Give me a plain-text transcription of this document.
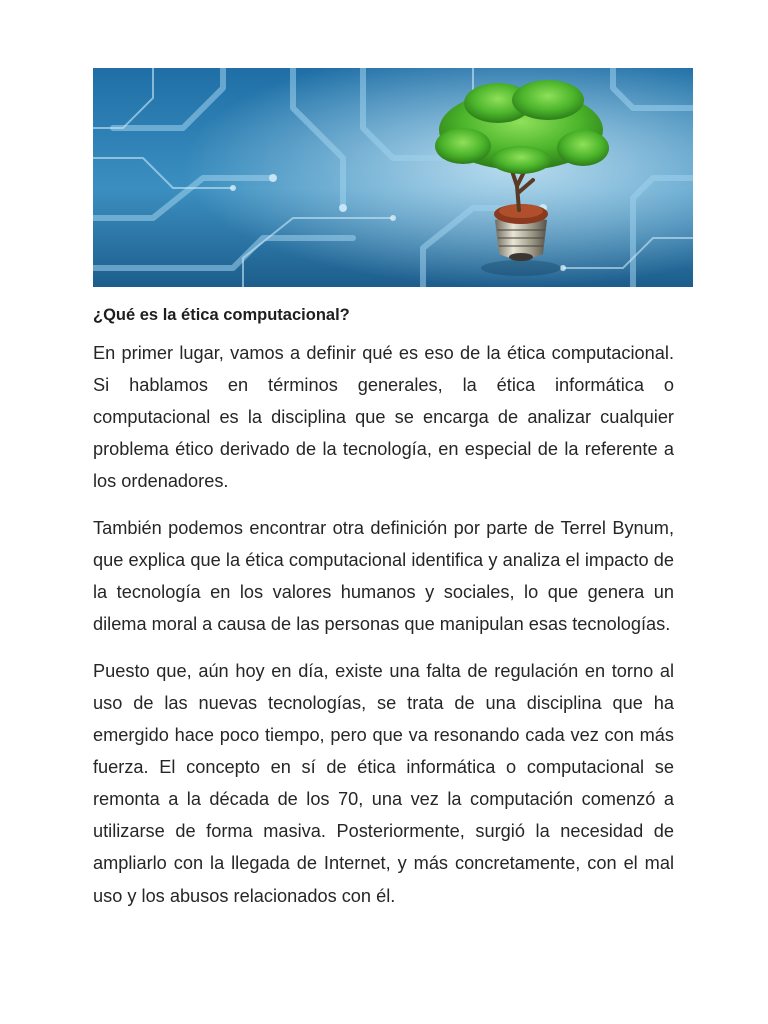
¿Qué es la ética computacional?

En primer lugar, vamos a definir qué es eso de la ética computacional. Si hablamos en términos generales, la ética informática o computacional es la disciplina que se encarga de analizar cualquier problema ético derivado de la tecnología, en especial de la referente a los ordenadores.

También podemos encontrar otra definición por parte de Terrel Bynum, que explica que la ética computacional identifica y analiza el impacto de la tecnología en los valores humanos y sociales, lo que genera un dilema moral a causa de las personas que manipulan esas tecnologías.

Puesto que, aún hoy en día, existe una falta de regulación en torno al uso de las nuevas tecnologías, se trata de una disciplina que ha emergido hace poco tiempo, pero que va resonando cada vez con más fuerza. El concepto en sí de ética informática o computacional se remonta a la década de los 70, una vez la computación comenzó a utilizarse de forma masiva. Posteriormente, surgió la necesidad de ampliarlo con la llegada de Internet, y más concretamente, con el mal uso y los abusos relacionados con él.
